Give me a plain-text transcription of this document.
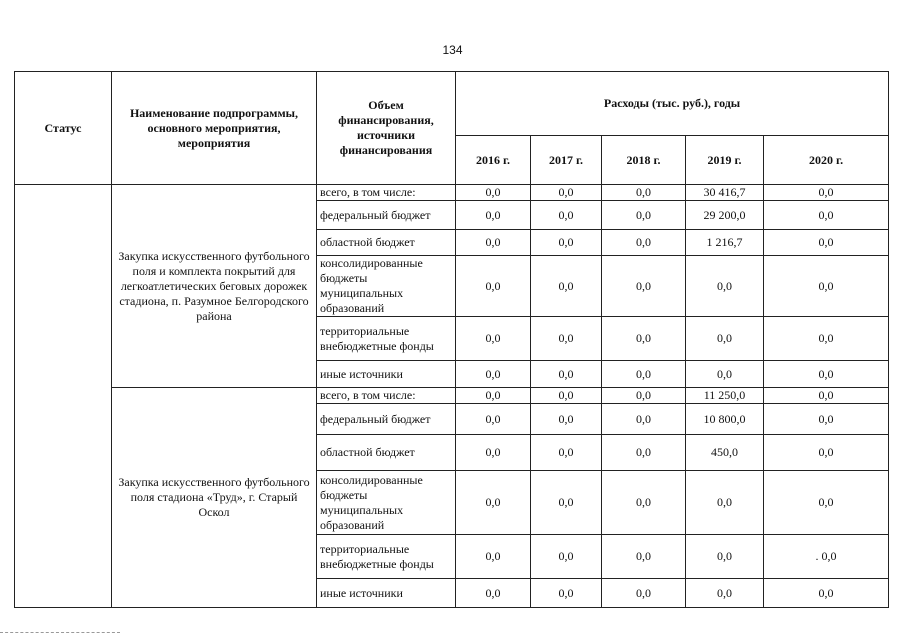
134
Статус	Наименование подпрограммы, основного мероприятия, мероприятия	Объем финансирования, источники финансирования	Расходы (тыс. руб.), годы				
			2016 г.	2017 г.	2018 г.	2019 г.	2020 г.
	Закупка искусственного футбольного поля и комплекта покрытий для легкоатлетических беговых дорожек стадиона, п. Разумное Белгородского района	всего, в том числе:	0,0	0,0	0,0	30 416,7	0,0
		федеральный бюджет	0,0	0,0	0,0	29 200,0	0,0
		областной бюджет	0,0	0,0	0,0	1 216,7	0,0
		консолидированные бюджеты муниципальных образований	0,0	0,0	0,0	0,0	0,0
		территориальные внебюджетные фонды	0,0	0,0	0,0	0,0	0,0
		иные источники	0,0	0,0	0,0	0,0	0,0
	Закупка искусственного футбольного поля стадиона «Труд», г. Старый Оскол	всего, в том числе:	0,0	0,0	0,0	11 250,0	0,0
		федеральный бюджет	0,0	0,0	0,0	10 800,0	0,0
		областной бюджет	0,0	0,0	0,0	450,0	0,0
		консолидированные бюджеты муниципальных образований	0,0	0,0	0,0	0,0	0,0
		территориальные внебюджетные фонды	0,0	0,0	0,0	0,0	. 0,0
		иные источники	0,0	0,0	0,0	0,0	0,0
